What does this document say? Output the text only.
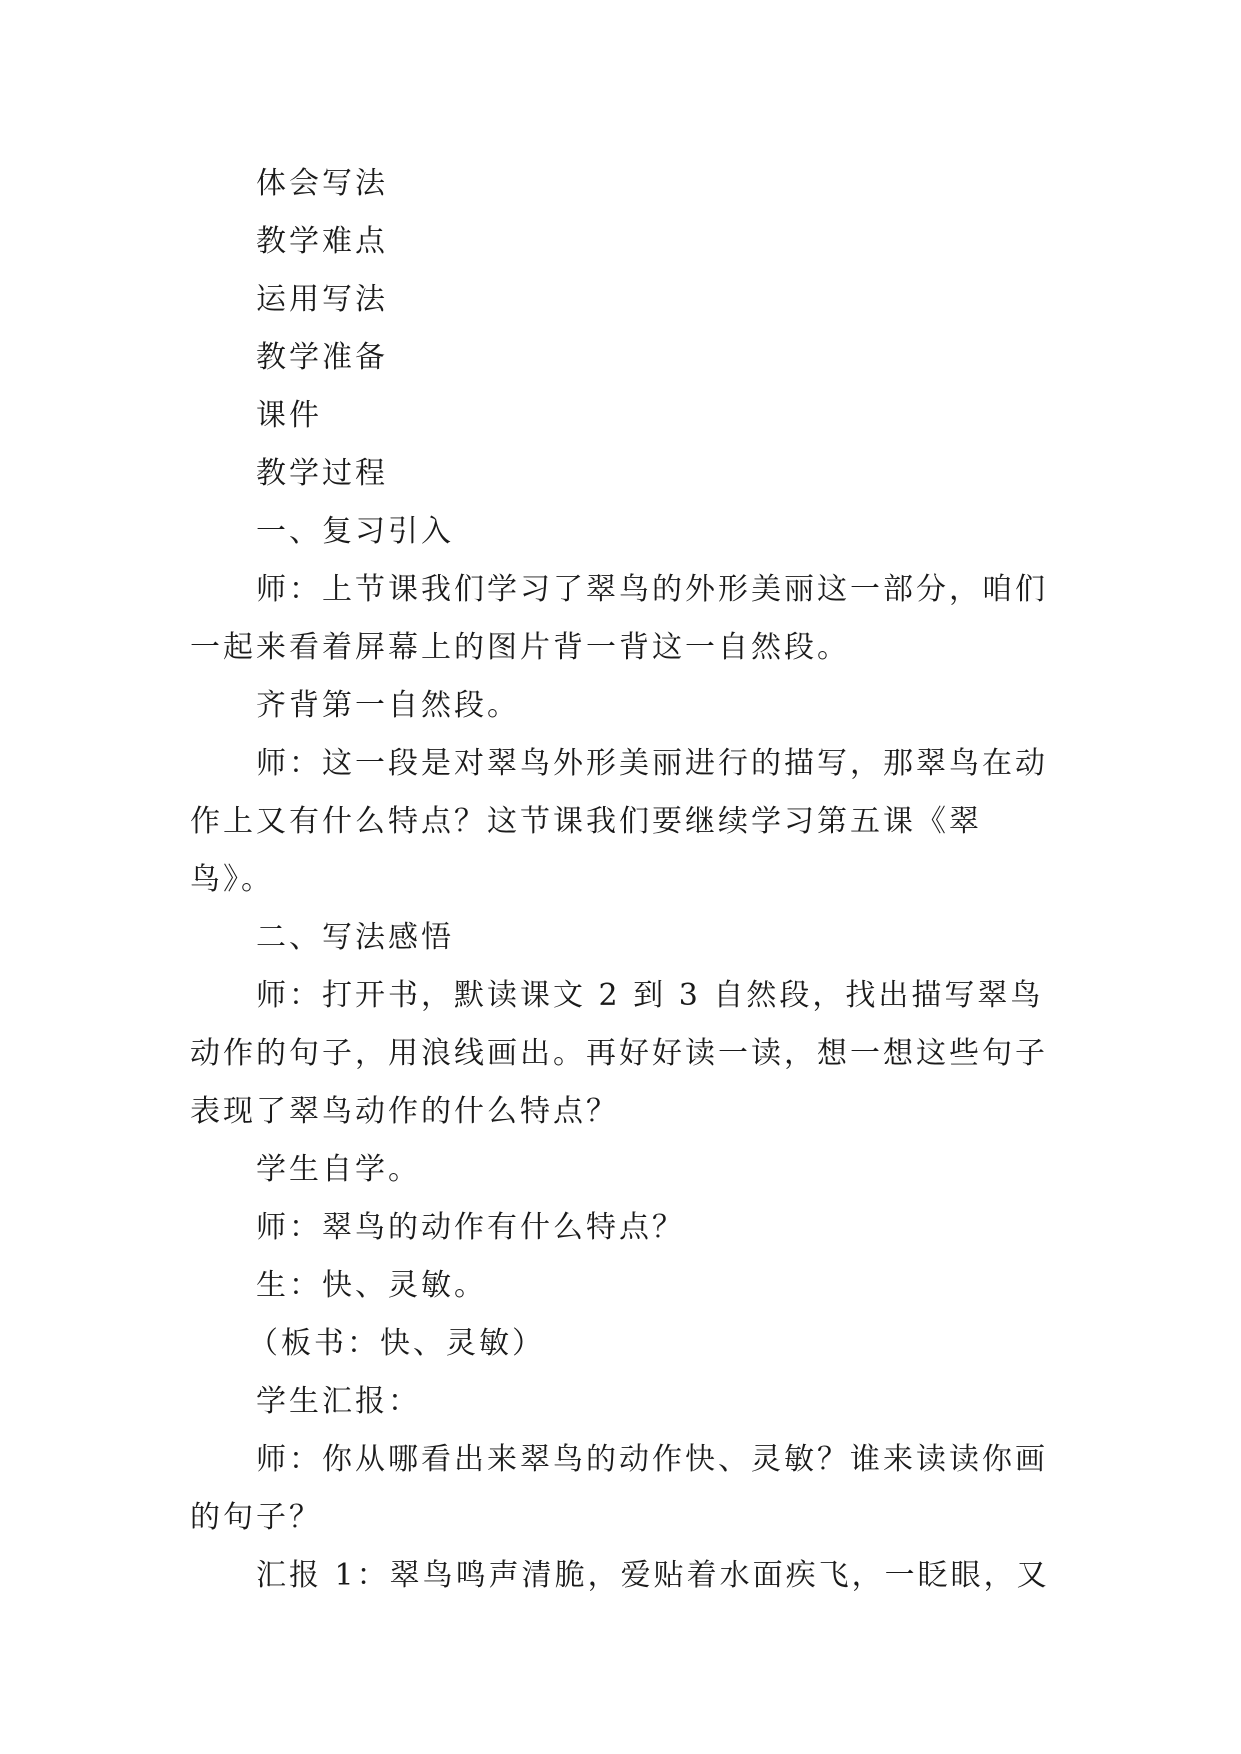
体会写法

教学难点

运用写法

教学准备

课件

教学过程

一、复习引入

师：上节课我们学习了翠鸟的外形美丽这一部分，咱们一起来看着屏幕上的图片背一背这一自然段。

齐背第一自然段。

师：这一段是对翠鸟外形美丽进行的描写，那翠鸟在动作上又有什么特点？这节课我们要继续学习第五课《翠鸟》。

二、写法感悟

师：打开书，默读课文 2 到 3 自然段，找出描写翠鸟动作的句子，用浪线画出。再好好读一读，想一想这些句子表现了翠鸟动作的什么特点？

学生自学。

师：翠鸟的动作有什么特点？

生：快、灵敏。

（板书：快、灵敏）

学生汇报：

师：你从哪看出来翠鸟的动作快、灵敏？谁来读读你画的句子？

汇报 1：翠鸟鸣声清脆，爱贴着水面疾飞，一眨眼，又
